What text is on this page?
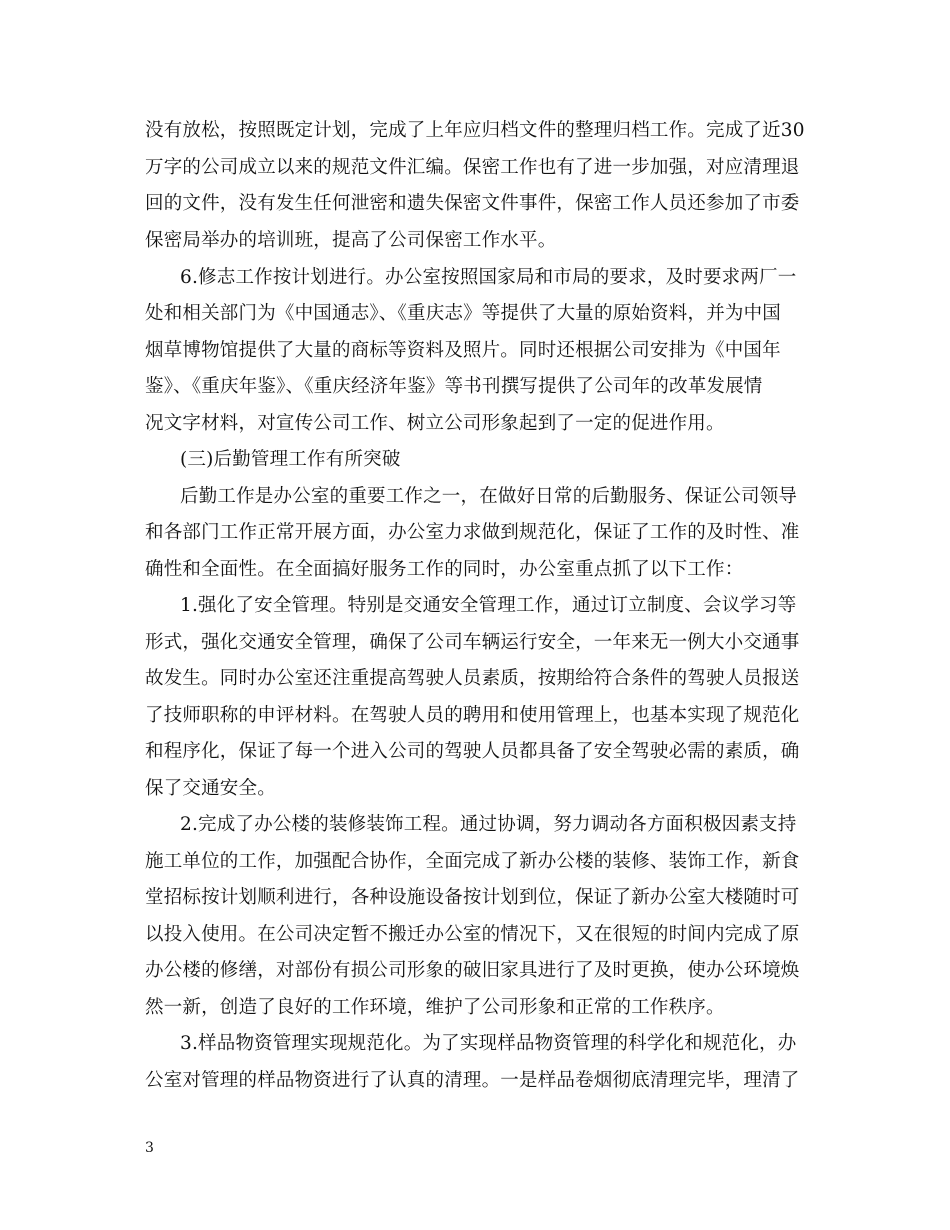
没有放松，按照既定计划，完成了上年应归档文件的整理归档工作。完成了近30
万字的公司成立以来的规范文件汇编。保密工作也有了进一步加强，对应清理退
回的文件，没有发生任何泄密和遗失保密文件事件，保密工作人员还参加了市委
保密局举办的培训班，提高了公司保密工作水平。
6.修志工作按计划进行。办公室按照国家局和市局的要求，及时要求两厂一
处和相关部门为《中国通志》、《重庆志》等提供了大量的原始资料，并为中国
烟草博物馆提供了大量的商标等资料及照片。同时还根据公司安排为《中国年
鉴》、《重庆年鉴》、《重庆经济年鉴》等书刊撰写提供了公司年的改革发展情
况文字材料，对宣传公司工作、树立公司形象起到了一定的促进作用。
(三)后勤管理工作有所突破
后勤工作是办公室的重要工作之一，在做好日常的后勤服务、保证公司领导
和各部门工作正常开展方面，办公室力求做到规范化，保证了工作的及时性、准
确性和全面性。在全面搞好服务工作的同时，办公室重点抓了以下工作：
1.强化了安全管理。特别是交通安全管理工作，通过订立制度、会议学习等
形式，强化交通安全管理，确保了公司车辆运行安全，一年来无一例大小交通事
故发生。同时办公室还注重提高驾驶人员素质，按期给符合条件的驾驶人员报送
了技师职称的申评材料。在驾驶人员的聘用和使用管理上，也基本实现了规范化
和程序化，保证了每一个进入公司的驾驶人员都具备了安全驾驶必需的素质，确
保了交通安全。
2.完成了办公楼的装修装饰工程。通过协调，努力调动各方面积极因素支持
施工单位的工作，加强配合协作，全面完成了新办公楼的装修、装饰工作，新食
堂招标按计划顺利进行，各种设施设备按计划到位，保证了新办公室大楼随时可
以投入使用。在公司决定暂不搬迁办公室的情况下，又在很短的时间内完成了原
办公楼的修缮，对部份有损公司形象的破旧家具进行了及时更换，使办公环境焕
然一新，创造了良好的工作环境，维护了公司形象和正常的工作秩序。
3.样品物资管理实现规范化。为了实现样品物资管理的科学化和规范化，办
公室对管理的样品物资进行了认真的清理。一是样品卷烟彻底清理完毕，理清了
3
